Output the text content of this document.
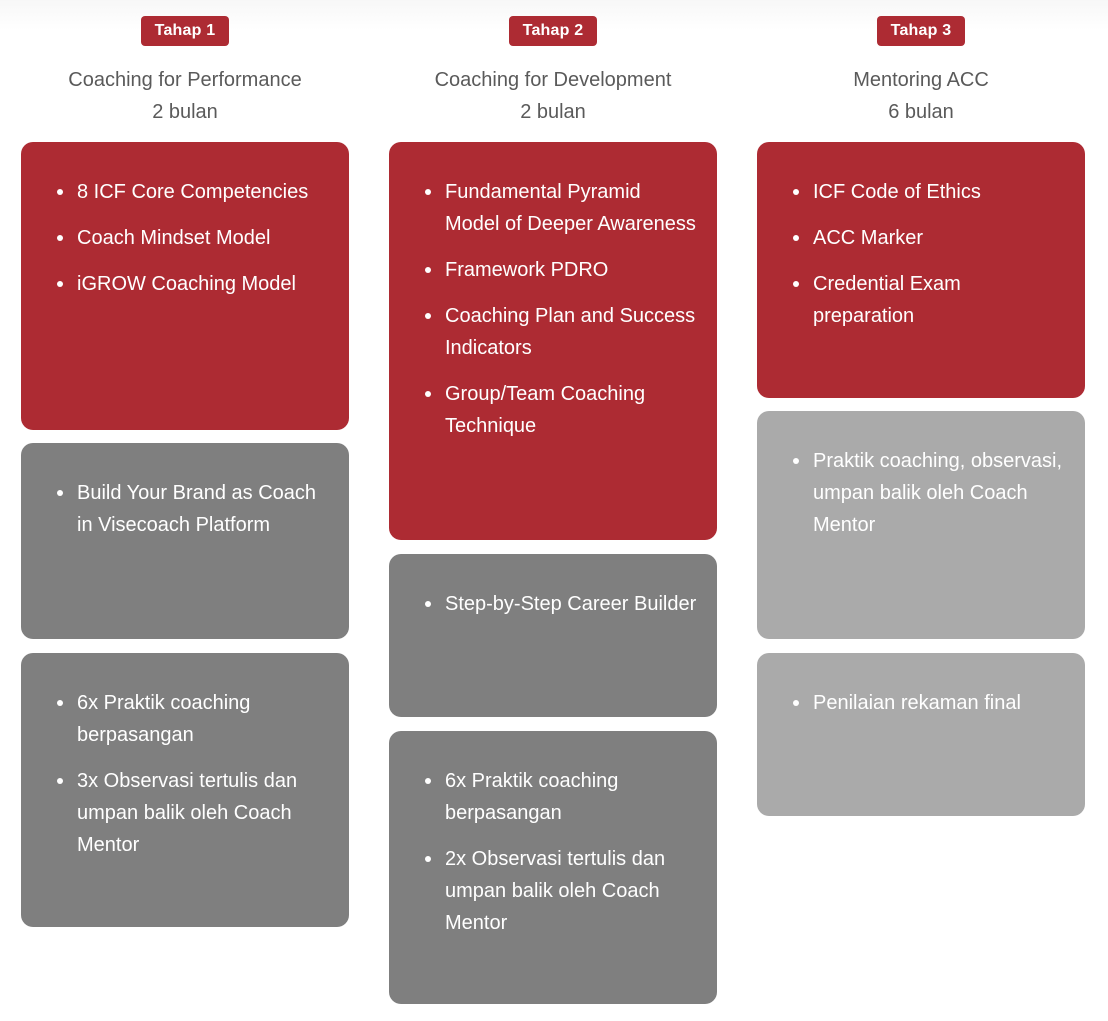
Tahap 1
Coaching for Performance
2 bulan
8 ICF Core Competencies
Coach Mindset Model
iGROW Coaching Model
Build Your Brand as Coach in Visecoach Platform
6x Praktik coaching berpasangan
3x Observasi tertulis dan umpan balik oleh Coach Mentor
Tahap 2
Coaching for Development
2 bulan
Fundamental Pyramid Model of Deeper Awareness
Framework PDRO
Coaching Plan and Success Indicators
Group/Team Coaching Technique
Step-by-Step Career Builder
6x Praktik coaching berpasangan
2x Observasi tertulis dan umpan balik oleh Coach Mentor
Tahap 3
Mentoring ACC
6 bulan
ICF Code of Ethics
ACC Marker
Credential Exam preparation
Praktik coaching, observasi, umpan balik oleh Coach Mentor
Penilaian rekaman final
